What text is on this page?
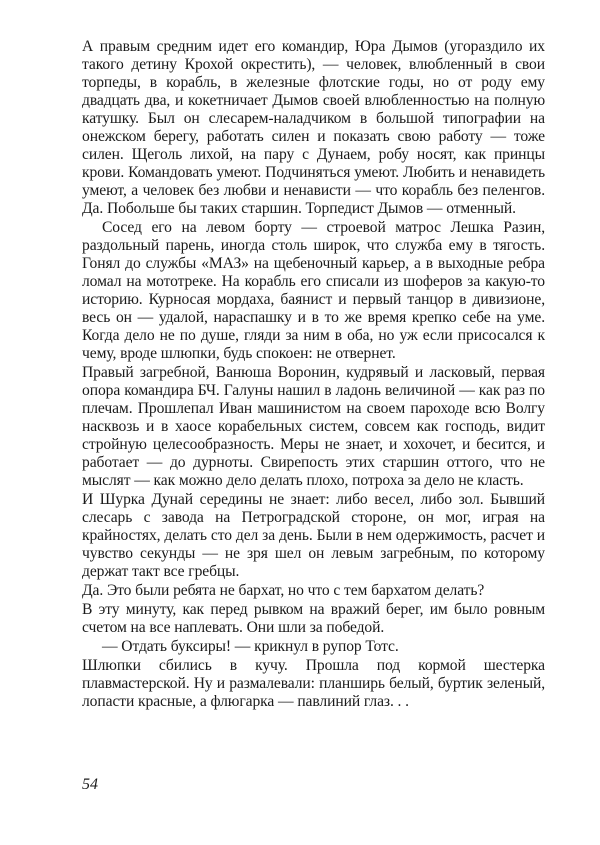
А правым средним идет его командир, Юра Дымов (угораздило их такого детину Крохой окрестить), — человек, влюбленный в свои торпеды, в корабль, в железные флотские годы, но от роду ему двадцать два, и кокетничает Дымов своей влюбленностью на полную катушку. Был он слесарем-наладчиком в большой типографии на онежском берегу, работать силен и показать свою работу — тоже силен. Щеголь лихой, на пару с Дунаем, робу носят, как принцы крови. Командовать умеют. Подчиняться умеют. Любить и ненавидеть умеют, а человек без любви и ненависти — что корабль без пеленгов. Да. Побольше бы таких старшин. Торпедист Дымов — отменный.

Сосед его на левом борту — строевой матрос Лешка Разин, раздольный парень, иногда столь широк, что служба ему в тягость. Гонял до службы «МАЗ» на щебеночный карьер, а в выходные ребра ломал на мототреке. На корабль его списали из шоферов за какую-то историю. Курносая мордаха, баянист и первый танцор в дивизионе, весь он — удалой, нараспашку и в то же время крепко себе на уме. Когда дело не по душе, гляди за ним в оба, но уж если присосался к чему, вроде шлюпки, будь спокоен: не отвернет.

Правый загребной, Ванюша Воронин, кудрявый и ласковый, первая опора командира БЧ. Галуны нашил в ладонь величиной — как раз по плечам. Прошлепал Иван машинистом на своем пароходе всю Волгу насквозь и в хаосе корабельных систем, совсем как господь, видит стройную целесообразность. Меры не знает, и хохочет, и бесится, и работает — до дурноты. Свирепость этих старшин оттого, что не мыслят — как можно дело делать плохо, потроха за дело не класть.

И Шурка Дунай середины не знает: либо весел, либо зол. Бывший слесарь с завода на Петроградской стороне, он мог, играя на крайностях, делать сто дел за день. Были в нем одержимость, расчет и чувство секунды — не зря шел он левым загребным, по которому держат такт все гребцы.

Да. Это были ребята не бархат, но что с тем бархатом делать?

В эту минуту, как перед рывком на вражий берег, им было ровным счетом на все наплевать. Они шли за победой.

— Отдать буксиры! — крикнул в рупор Тотс.

Шлюпки сбились в кучу. Прошла под кормой шестерка плавмастерской. Ну и размалевали: планширь белый, буртик зеленый, лопасти красные, а флюгарка — павлиний глаз. . .

54
